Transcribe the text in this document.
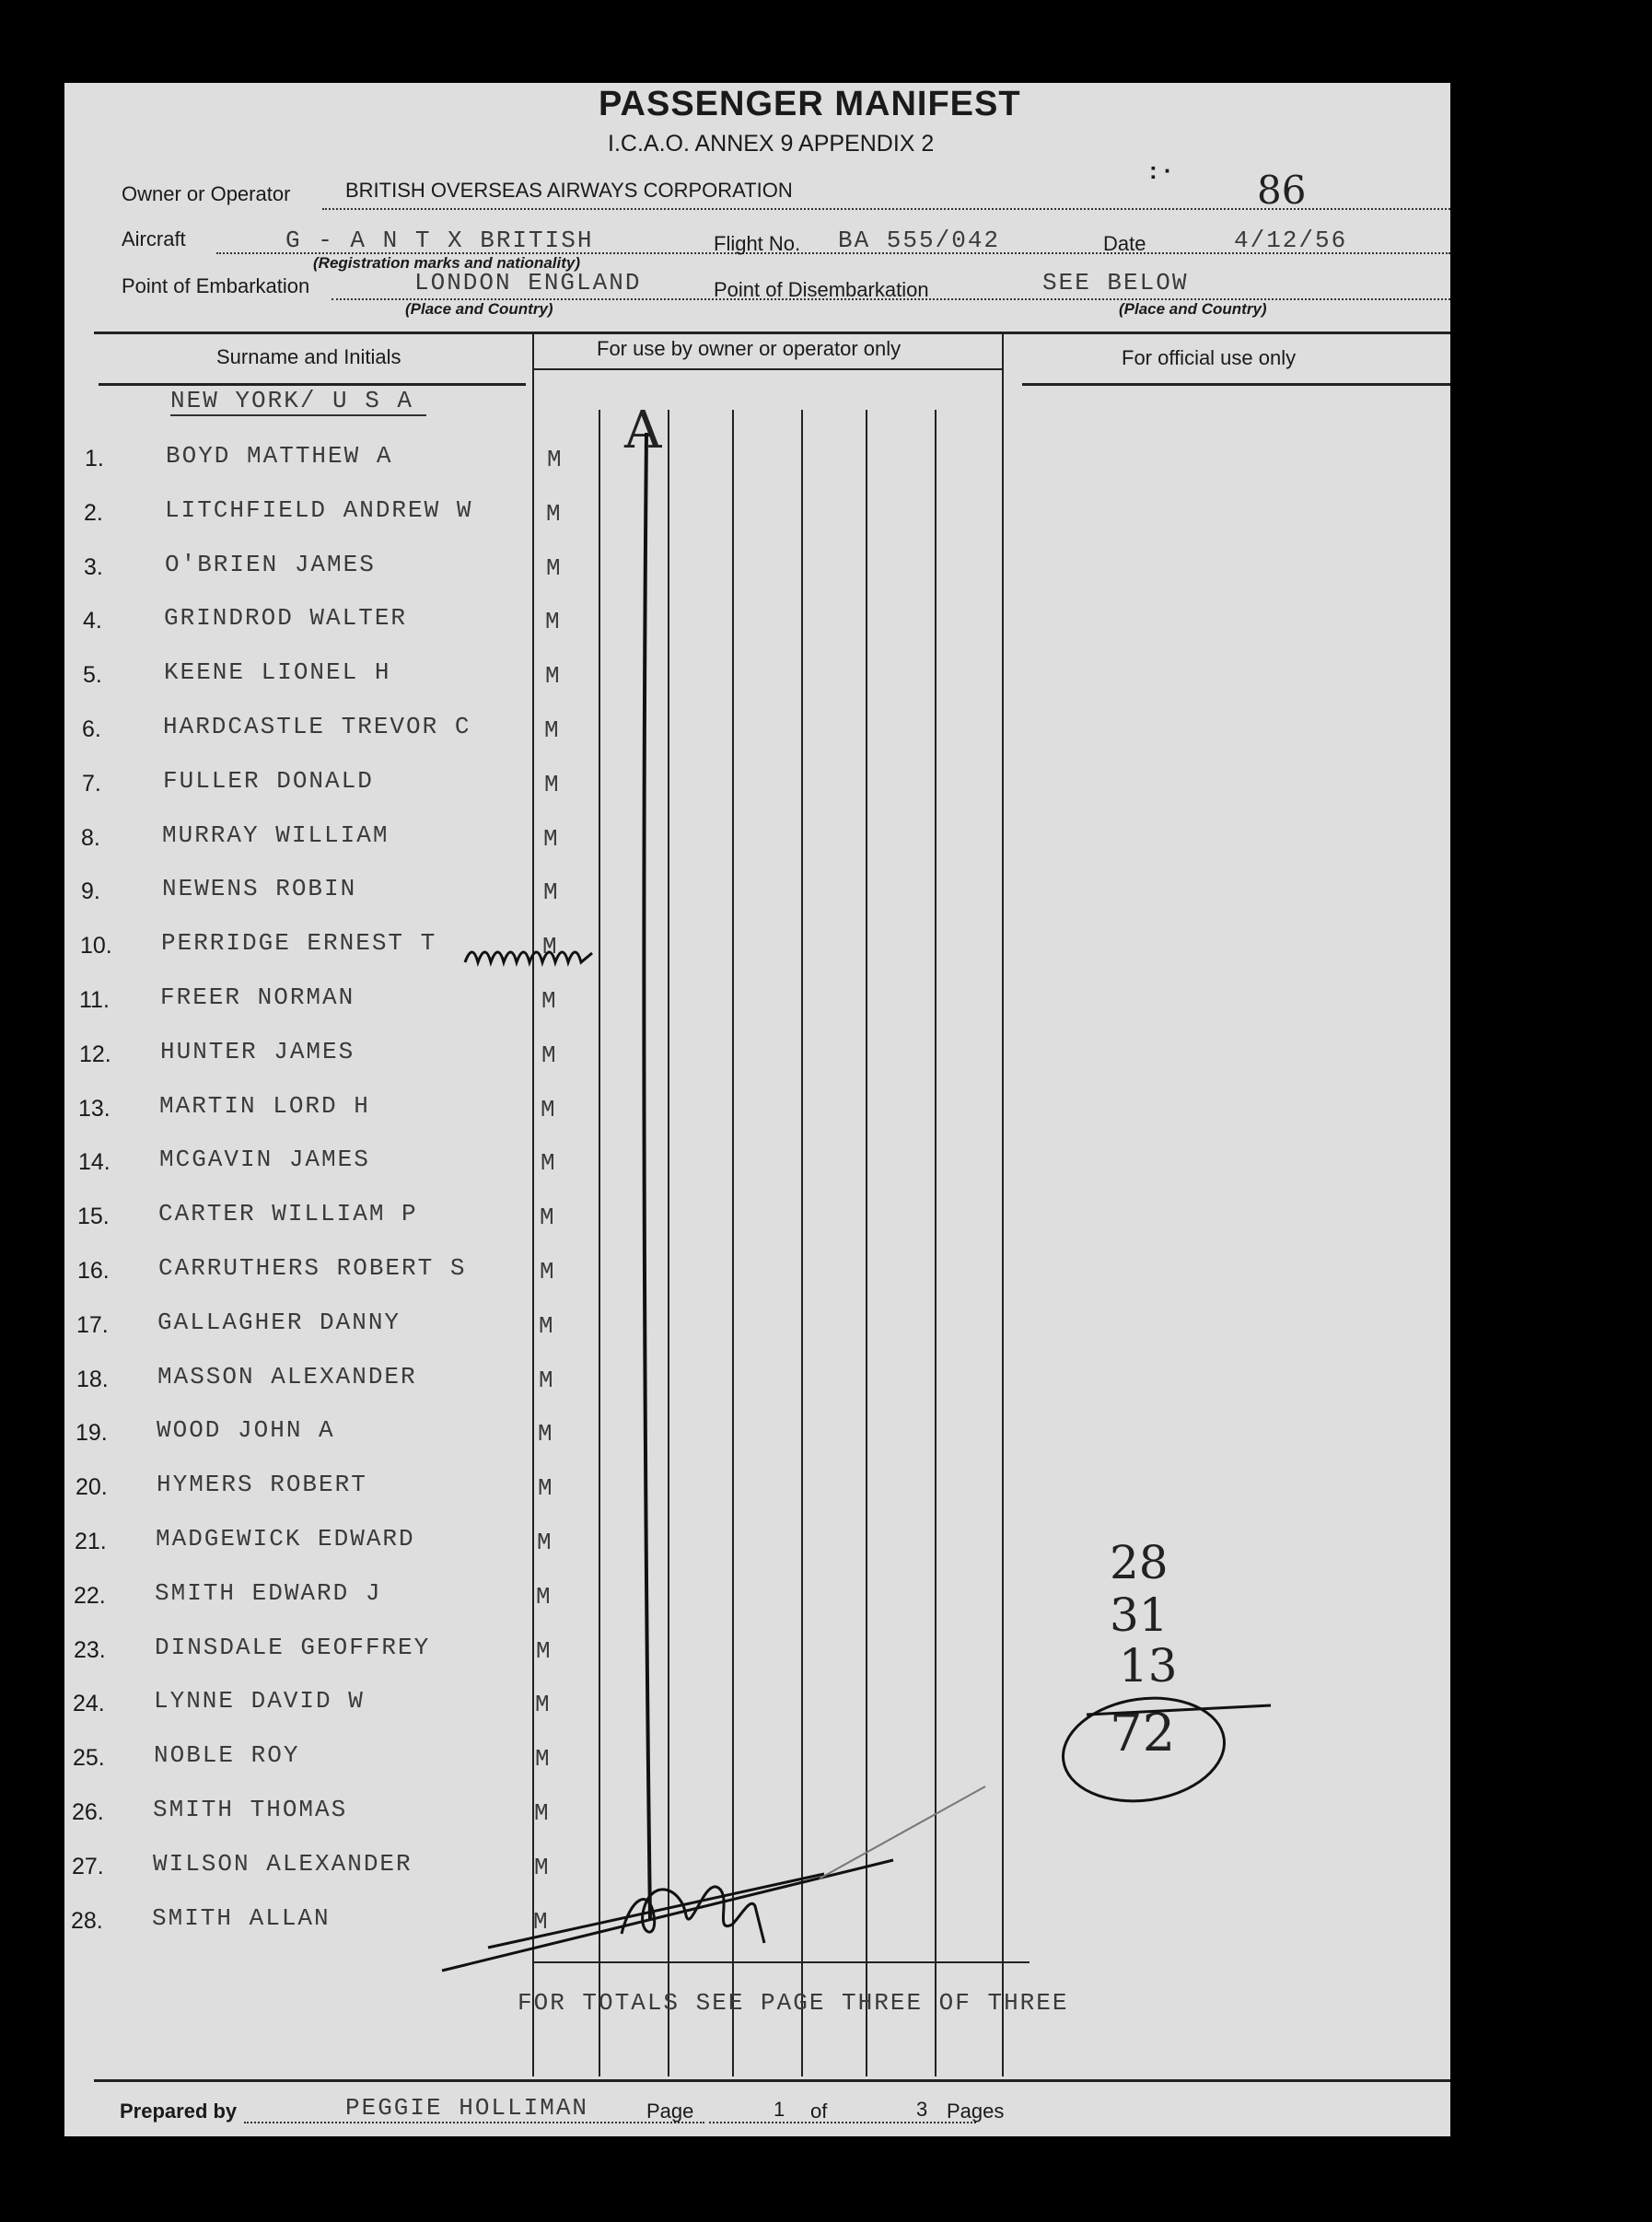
PASSENGER MANIFEST
I.C.A.O. ANNEX 9 APPENDIX 2
: · 86
Owner or Operator	BRITISH OVERSEAS AIRWAYS CORPORATION
Aircraft	G - A N T X BRITISH
(Registration marks and nationality)
Flight No. BA 555/042	Date	4/12/56
Point of Embarkation	LONDON ENGLAND
(Place and Country)
Point of Disembarkation	SEE BELOW
(Place and Country)
Surname and Initials	For use by owner or operator only	For official use only
NEW YORK/ U S A
1.	BOYD MATTHEW A	M
2.	LITCHFIELD ANDREW W	M
3.	O'BRIEN JAMES	M
4.	GRINDROD WALTER	M
5.	KEENE LIONEL H	M
6.	HARDCASTLE TREVOR C	M
7.	FULLER DONALD	M
8.	MURRAY WILLIAM	M
9.	NEWENS ROBIN	M
10. PERRIDGE ERNEST T	M
11. FREER NORMAN	M
12. HUNTER JAMES	M
13. MARTIN LORD H	M
14. MCGAVIN JAMES	M
15. CARTER WILLIAM P	M
16. CARRUTHERS ROBERT S	M
17. GALLAGHER DANNY	M
18. MASSON ALEXANDER	M
19. WOOD JOHN A	M
20. HYMERS ROBERT	M
21. MADGEWICK EDWARD	M
22. SMITH EDWARD J	M
23. DINSDALE GEOFFREY	M
24. LYNNE DAVID W	M
25. NOBLE ROY	M
26. SMITH THOMAS	M
27. WILSON ALEXANDER	M
28. SMITH ALLAN	M
FOR TOTALS SEE PAGE THREE OF THREE
Prepared by	PEGGIE HOLLIMAN	Page	1 of	3 Pages
A
28
31
13
72
